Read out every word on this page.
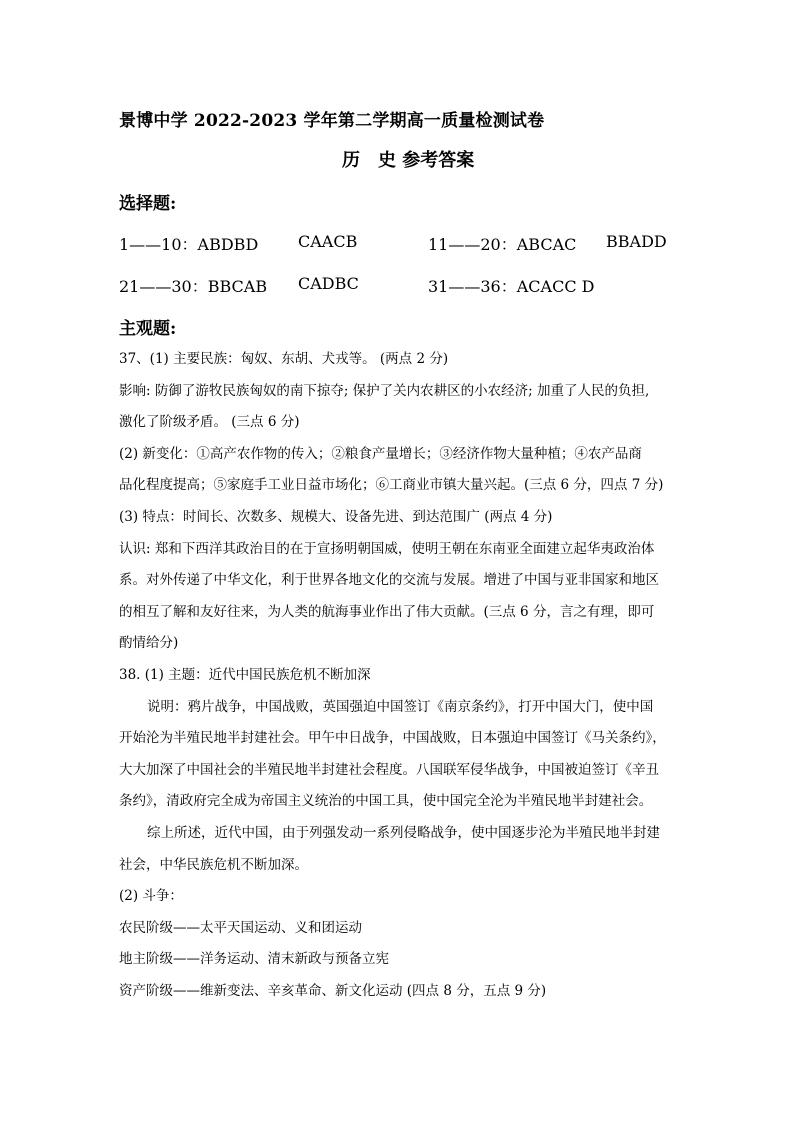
景博中学 2022-2023 学年第二学期高一质量检测试卷
历　史 参考答案
选择题:
1——10：ABDBD CAACB	11——20：ABCAC BBADD
21——30：BBCAB CADBC	31——36：ACACC D
主观题:
37、(1) 主要民族：匈奴、东胡、犬戎等。 (两点 2 分)
影响: 防御了游牧民族匈奴的南下掠夺; 保护了关内农耕区的小农经济; 加重了人民的负担,
激化了阶级矛盾。 (三点 6 分)
(2) 新变化：①高产农作物的传入；②粮食产量增长；③经济作物大量种植；④农产品商
品化程度提高；⑤家庭手工业日益市场化；⑥工商业市镇大量兴起。(三点 6 分，四点 7 分)
(3) 特点：时间长、次数多、规模大、设备先进、到达范围广 (两点 4 分)
认识: 郑和下西洋其政治目的在于宣扬明朝国威，使明王朝在东南亚全面建立起华夷政治体
系。对外传递了中华文化，利于世界各地文化的交流与发展。增进了中国与亚非国家和地区
的相互了解和友好往来，为人类的航海事业作出了伟大贡献。(三点 6 分，言之有理，即可
酌情给分)
38. (1) 主题：近代中国民族危机不断加深
说明：鸦片战争，中国战败，英国强迫中国签订《南京条约》，打开中国大门，使中国
开始沦为半殖民地半封建社会。甲午中日战争，中国战败，日本强迫中国签订《马关条约》，
大大加深了中国社会的半殖民地半封建社会程度。八国联军侵华战争，中国被迫签订《辛丑
条约》，清政府完全成为帝国主义统治的中国工具，使中国完全沦为半殖民地半封建社会。
综上所述，近代中国，由于列强发动一系列侵略战争，使中国逐步沦为半殖民地半封建
社会，中华民族危机不断加深。
(2) 斗争：
农民阶级——太平天国运动、义和团运动
地主阶级——洋务运动、清末新政与预备立宪
资产阶级——维新变法、辛亥革命、新文化运动 (四点 8 分，五点 9 分)
